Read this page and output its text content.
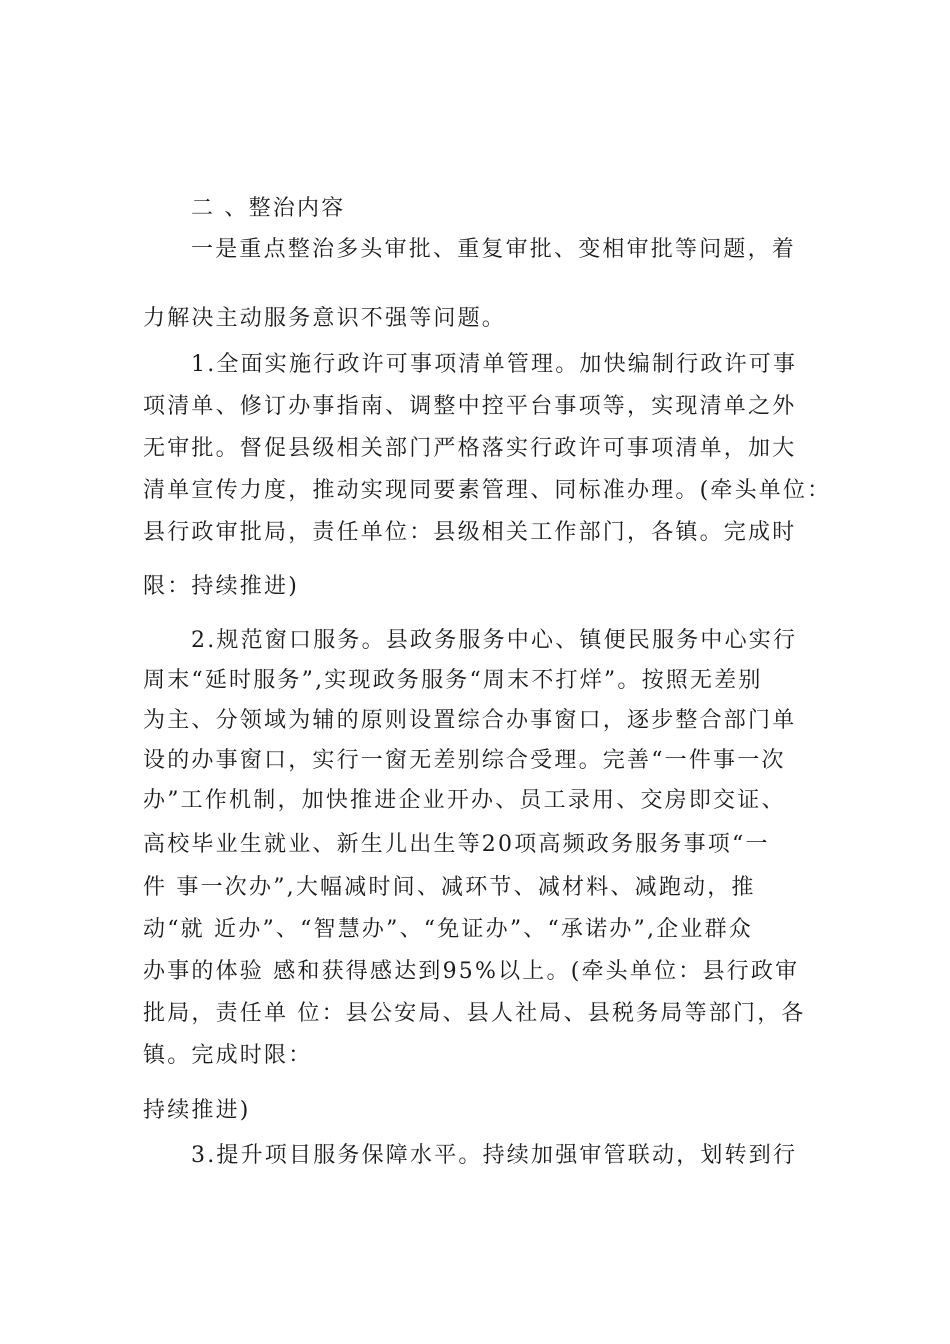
二 、整治内容
一是重点整治多头审批、重复审批、变相审批等问题，着
力解决主动服务意识不强等问题。
1.全面实施行政许可事项清单管理。加快编制行政许可事
项清单、修订办事指南、调整中控平台事项等，实现清单之外
无审批。督促县级相关部门严格落实行政许可事项清单，加大
清单宣传力度，推动实现同要素管理、同标准办理。(牵头单位：
县行政审批局，责任单位：县级相关工作部门，各镇。完成时
限：持续推进)
2.规范窗口服务。县政务服务中心、镇便民服务中心实行
周末“延时服务”,实现政务服务“周末不打烊”。按照无差别
为主、分领域为辅的原则设置综合办事窗口，逐步整合部门单
设的办事窗口，实行一窗无差别综合受理。完善“一件事一次
办”工作机制，加快推进企业开办、员工录用、交房即交证、
高校毕业生就业、新生儿出生等20项高频政务服务事项“一
件 事一次办”,大幅减时间、减环节、减材料、减跑动，推
动“就 近办”、“智慧办”、“免证办”、“承诺办”,企业群众
办事的体验 感和获得感达到95%以上。(牵头单位：县行政审
批局，责任单 位：县公安局、县人社局、县税务局等部门，各
镇。完成时限：
持续推进)
3.提升项目服务保障水平。持续加强审管联动，划转到行
